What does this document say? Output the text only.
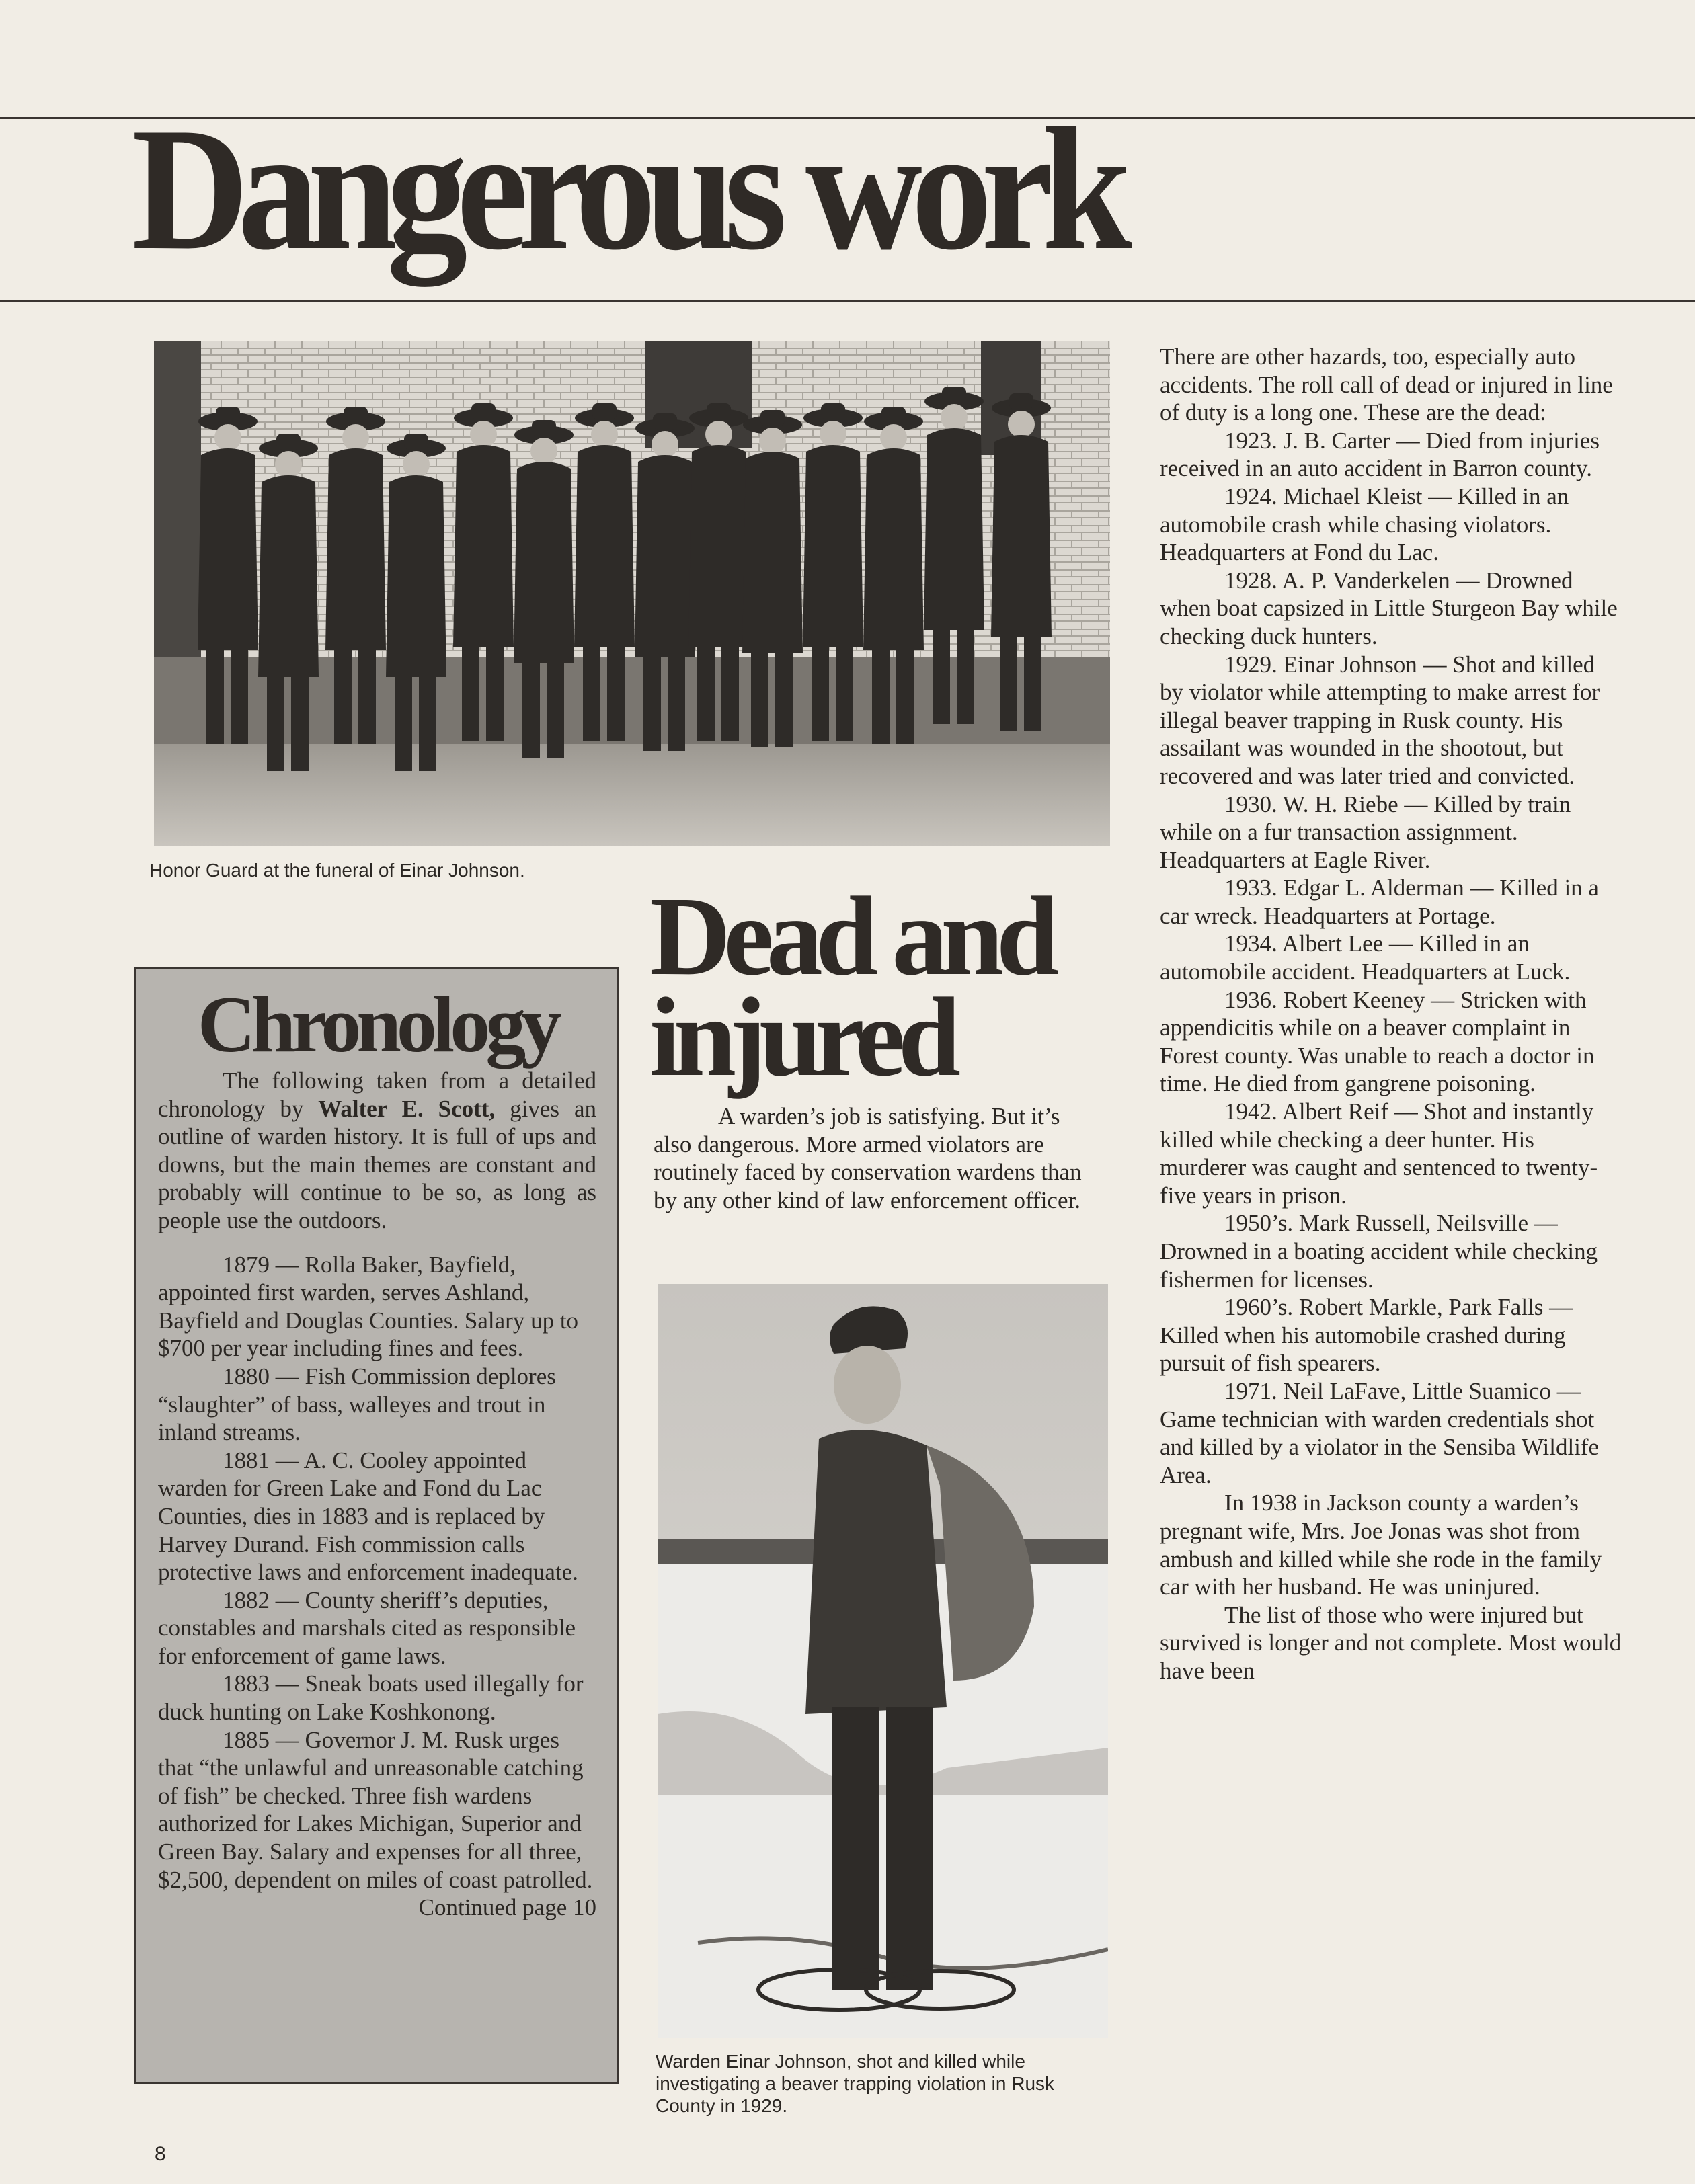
Dangerous work

Honor Guard at the funeral of Einar Johnson.

Chronology

The following taken from a detailed chronology by Walter E. Scott, gives an outline of warden history. It is full of ups and downs, but the main themes are constant and probably will continue to be so, as long as people use the outdoors.

1879 — Rolla Baker, Bayfield, appointed first warden, serves Ashland, Bayfield and Douglas Counties. Salary up to $700 per year including fines and fees.

1880 — Fish Commission deplores “slaughter” of bass, walleyes and trout in inland streams.

1881 — A. C. Cooley appointed warden for Green Lake and Fond du Lac Counties, dies in 1883 and is replaced by Harvey Durand. Fish commission calls protective laws and enforcement inadequate.

1882 — County sheriff’s deputies, constables and marshals cited as responsible for enforcement of game laws.

1883 — Sneak boats used illegally for duck hunting on Lake Koshkonong.

1885 — Governor J. M. Rusk urges that “the unlawful and unreasonable catching of fish” be checked. Three fish wardens authorized for Lakes Michigan, Superior and Green Bay. Salary and expenses for all three, $2,500, dependent on miles of coast patrolled.

Continued page 10

Dead and
injured

A warden’s job is satisfying. But it’s also dangerous. More armed violators are routinely faced by conservation wardens than by any other kind of law enforcement officer.

Warden Einar Johnson, shot and killed while investigating a beaver trapping violation in Rusk County in 1929.

There are other hazards, too, especially auto accidents. The roll call of dead or injured in line of duty is a long one. These are the dead:

1923. J. B. Carter — Died from injuries received in an auto accident in Barron county.

1924. Michael Kleist — Killed in an automobile crash while chasing violators. Headquarters at Fond du Lac.

1928. A. P. Vanderkelen — Drowned when boat capsized in Little Sturgeon Bay while checking duck hunters.

1929. Einar Johnson — Shot and killed by violator while attempting to make arrest for illegal beaver trapping in Rusk county. His assailant was wounded in the shootout, but recovered and was later tried and convicted.

1930. W. H. Riebe — Killed by train while on a fur transaction assignment. Headquarters at Eagle River.

1933. Edgar L. Alderman — Killed in a car wreck. Headquarters at Portage.

1934. Albert Lee — Killed in an automobile accident. Headquarters at Luck.

1936. Robert Keeney — Stricken with appendicitis while on a beaver complaint in Forest county. Was unable to reach a doctor in time. He died from gangrene poisoning.

1942. Albert Reif — Shot and instantly killed while checking a deer hunter. His murderer was caught and sentenced to twenty-five years in prison.

1950’s. Mark Russell, Neilsville — Drowned in a boating accident while checking fishermen for licenses.

1960’s. Robert Markle, Park Falls — Killed when his automobile crashed during pursuit of fish spearers.

1971. Neil LaFave, Little Suamico — Game technician with warden credentials shot and killed by a violator in the Sensiba Wildlife Area.

In 1938 in Jackson county a warden’s pregnant wife, Mrs. Joe Jonas was shot from ambush and killed while she rode in the family car with her husband. He was uninjured.

The list of those who were injured but survived is longer and not complete. Most would have been

8
